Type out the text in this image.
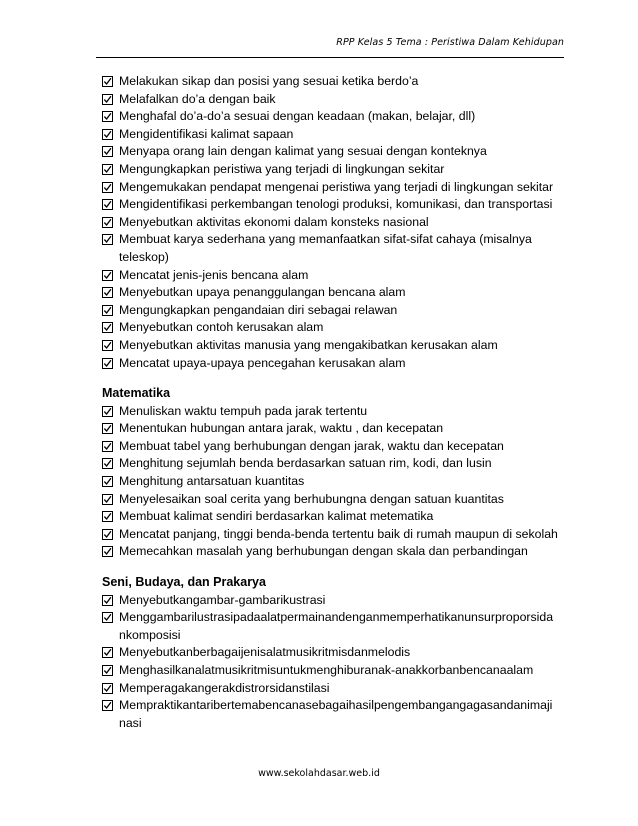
RPP Kelas 5 Tema : Peristiwa Dalam Kehidupan
Melakukan sikap dan posisi yang sesuai ketika berdo’a
Melafalkan do’a dengan baik
Menghafal do’a-do’a sesuai dengan keadaan (makan, belajar, dll)
Mengidentifikasi kalimat sapaan
Menyapa orang lain dengan kalimat yang sesuai dengan konteknya
Mengungkapkan peristiwa yang terjadi di lingkungan sekitar
Mengemukakan pendapat mengenai peristiwa yang terjadi di lingkungan sekitar
Mengidentifikasi perkembangan tenologi produksi, komunikasi, dan transportasi
Menyebutkan aktivitas ekonomi dalam konsteks nasional
Membuat karya sederhana yang memanfaatkan sifat-sifat cahaya (misalnya teleskop)
Mencatat jenis-jenis bencana alam
Menyebutkan upaya penanggulangan bencana alam
Mengungkapkan pengandaian diri sebagai relawan
Menyebutkan contoh kerusakan alam
Menyebutkan aktivitas manusia yang mengakibatkan kerusakan alam
Mencatat upaya-upaya pencegahan kerusakan alam
Matematika
Menuliskan waktu tempuh pada jarak tertentu
Menentukan hubungan antara jarak, waktu , dan kecepatan
Membuat tabel yang berhubungan dengan jarak, waktu dan kecepatan
Menghitung sejumlah benda berdasarkan satuan rim, kodi, dan lusin
Menghitung antarsatuan kuantitas
Menyelesaikan soal cerita yang berhubungna dengan satuan kuantitas
Membuat kalimat sendiri berdasarkan kalimat metematika
Mencatat panjang, tinggi benda-benda tertentu baik di rumah maupun di sekolah
Memecahkan masalah yang berhubungan dengan skala dan perbandingan
Seni, Budaya, dan Prakarya
Menyebutkangambar-gambarikustrasi
Menggambarilustrasipadaalatpermainandenganmemperhatikanunsurproporsida nkomposisi
Menyebutkanberbagaijenisalatmusikritmisdanmelodis
Menghasilkanalatmusikritmisuntukmenghiburanak-anakkorbanbencanaalam
Memperagakangerakdistrorsidanstilasi
Mempraktikantaribertemabencanasebagaihasilpengembangangagasandanimaji nasi
www.sekolahdasar.web.id
